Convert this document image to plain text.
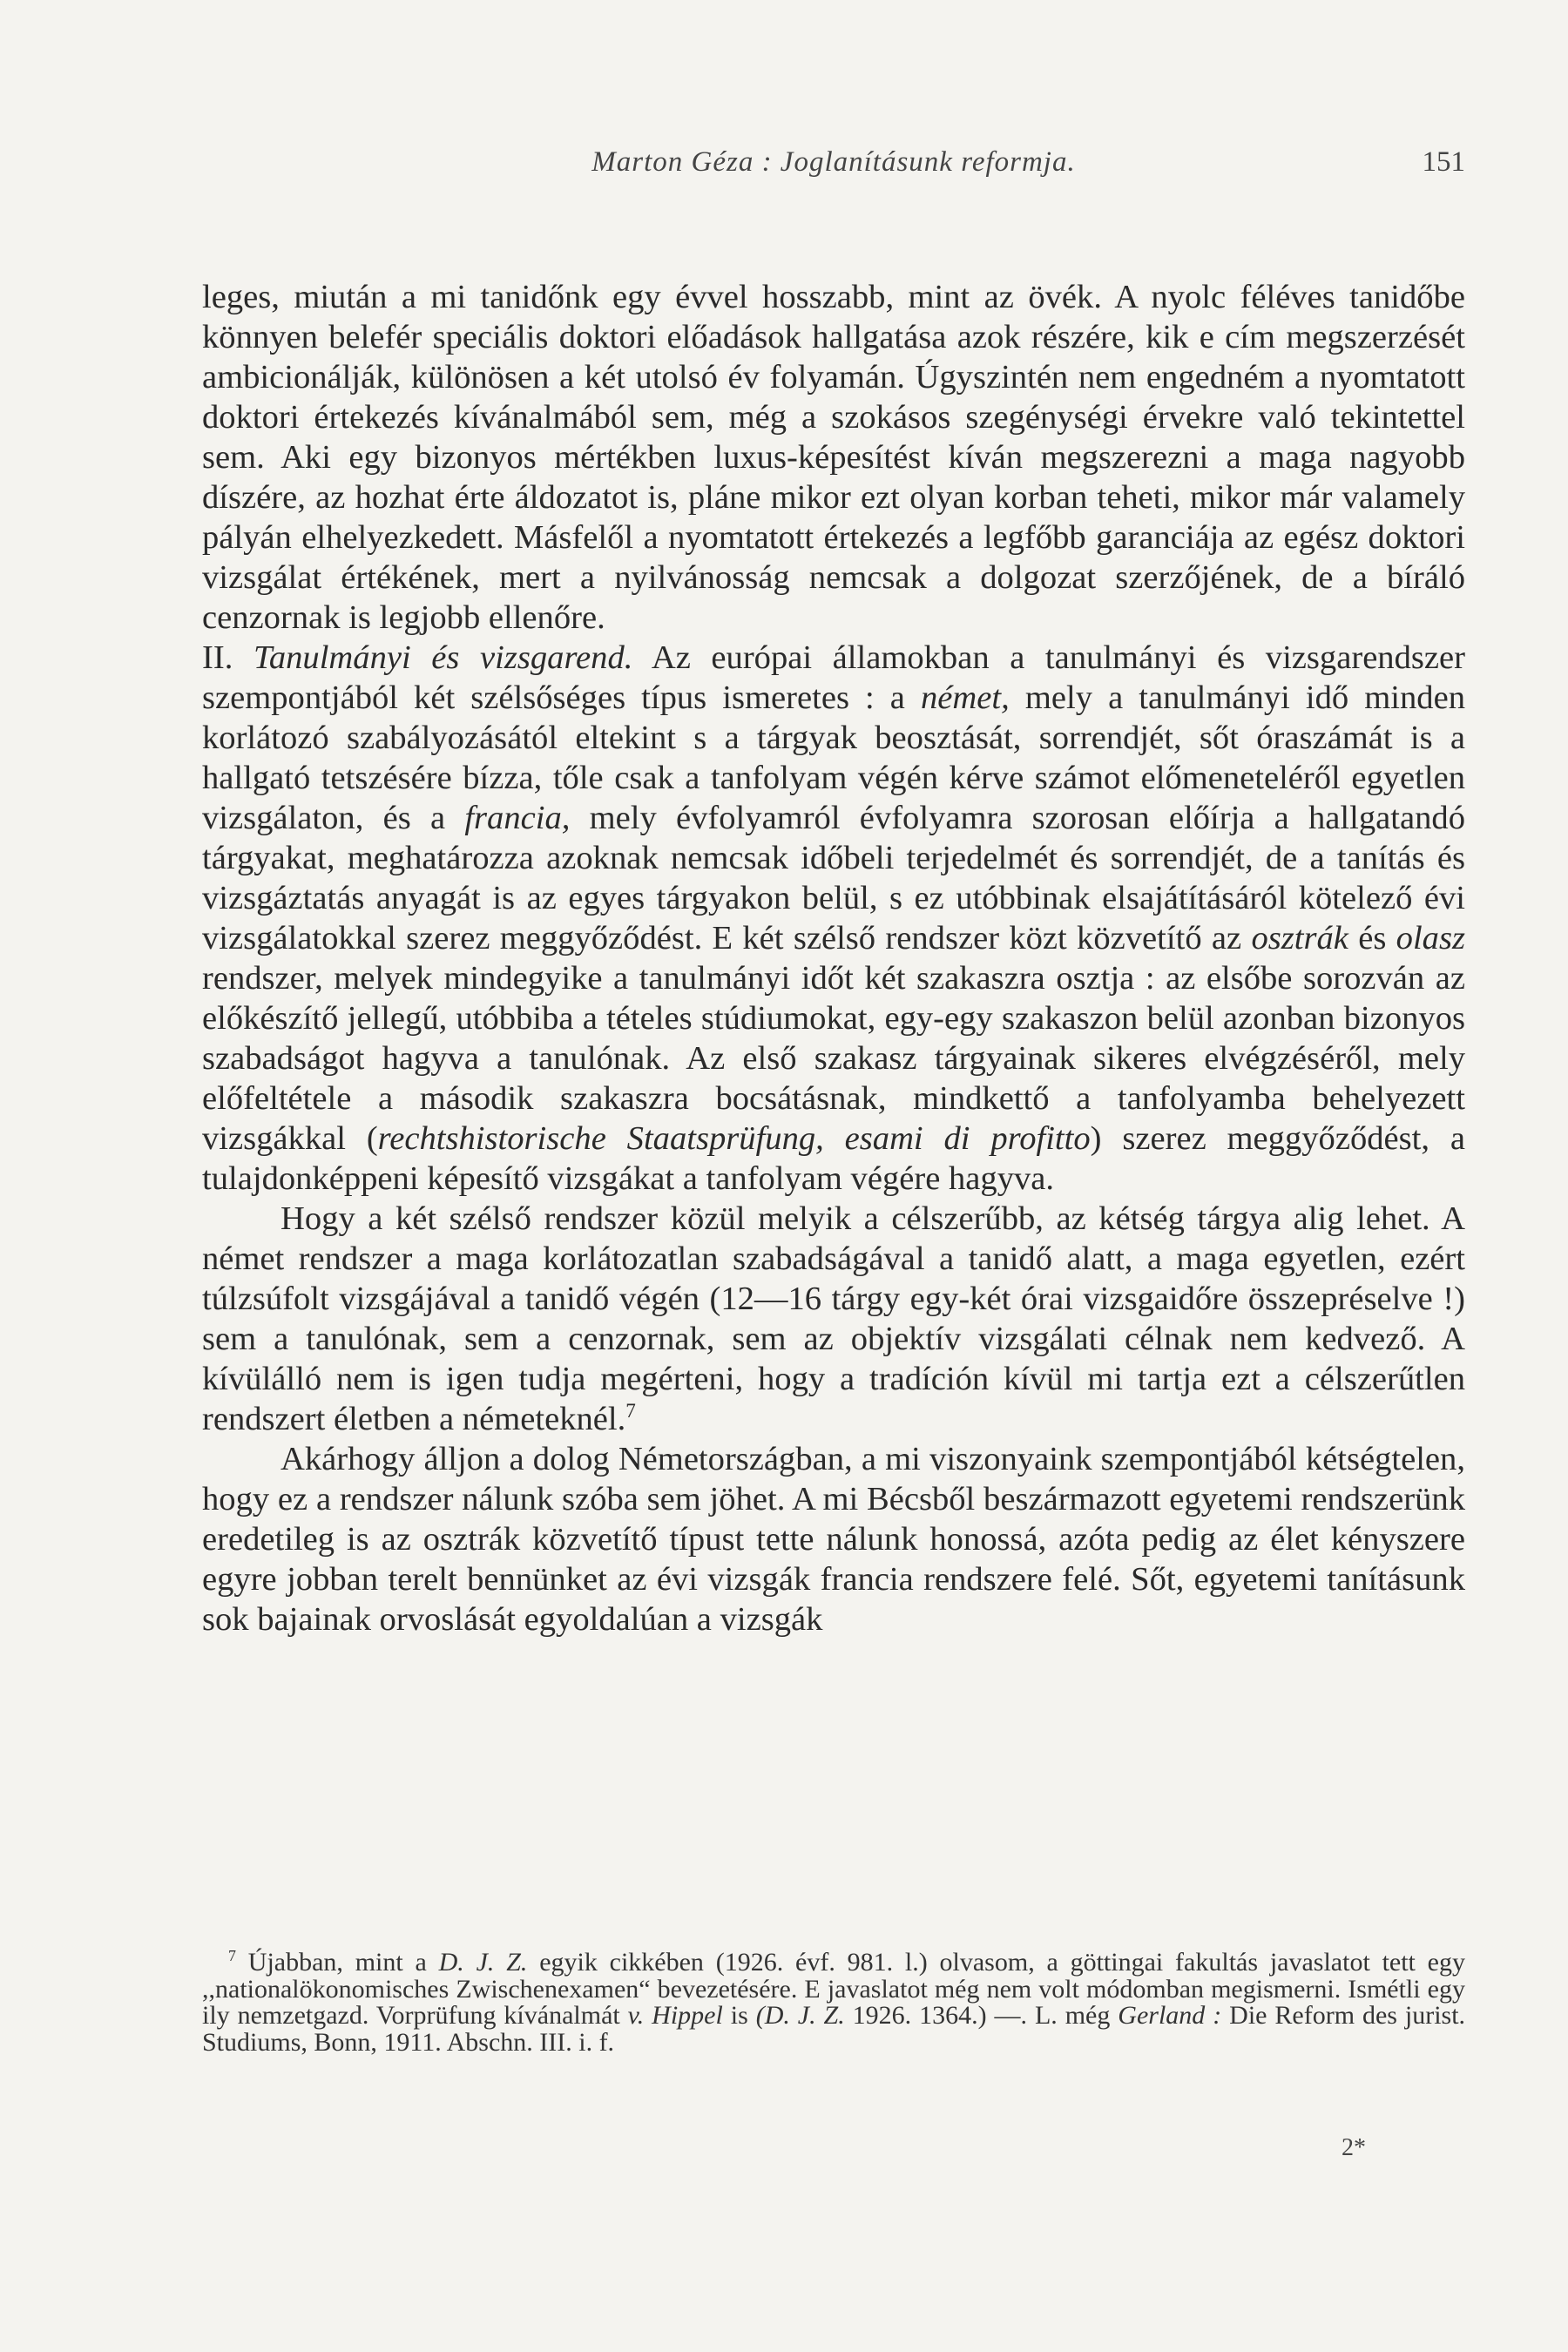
Marton Géza : Joglanításunk reformja.	151

leges, miután a mi tanidőnk egy évvel hosszabb, mint az övék. A nyolc féléves tanidőbe könnyen belefér speciális doktori előadások hallgatása azok részére, kik e cím megszerzését ambicionálják, különösen a két utolsó év folyamán. Úgyszintén nem engedném a nyomtatott doktori értekezés kívánalmából sem, még a szokásos szegénységi érvekre való tekintettel sem. Aki egy bizonyos mértékben luxus-képesítést kíván megszerezni a maga nagyobb díszére, az hozhat érte áldozatot is, pláne mikor ezt olyan korban teheti, mikor már valamely pályán elhelyezkedett. Másfelől a nyomtatott értekezés a legfőbb garanciája az egész doktori vizsgálat értékének, mert a nyilvánosság nemcsak a dolgozat szerzőjének, de a bíráló cenzornak is legjobb ellenőre.

II. Tanulmányi és vizsgarend. Az európai államokban a tanulmányi és vizsgarendszer szempontjából két szélsőséges típus ismeretes : a német, mely a tanulmányi idő minden korlátozó szabályozásától eltekint s a tárgyak beosztását, sorrendjét, sőt óraszámát is a hallgató tetszésére bízza, tőle csak a tanfolyam végén kérve számot előmeneteléről egyetlen vizsgálaton, és a francia, mely évfolyamról évfolyamra szorosan előírja a hallgatandó tárgyakat, meghatározza azoknak nemcsak időbeli terjedelmét és sorrendjét, de a tanítás és vizsgáztatás anyagát is az egyes tárgyakon belül, s ez utóbbinak elsajátításáról kötelező évi vizsgálatokkal szerez meggyőződést. E két szélső rendszer közt közvetítő az osztrák és olasz rendszer, melyek mindegyike a tanulmányi időt két szakaszra osztja : az elsőbe sorozván az előkészítő jellegű, utóbbiba a tételes stúdiumokat, egy-egy szakaszon belül azonban bizonyos szabadságot hagyva a tanulónak. Az első szakasz tárgyainak sikeres elvégzéséről, mely előfeltétele a második szakaszra bocsátásnak, mindkettő a tanfolyamba behelyezett vizsgákkal (rechtshistorische Staatsprüfung, esami di profitto) szerez meggyőződést, a tulajdonképpeni képesítő vizsgákat a tanfolyam végére hagyva.

Hogy a két szélső rendszer közül melyik a célszerűbb, az kétség tárgya alig lehet. A német rendszer a maga korlátozatlan szabadságával a tanidő alatt, a maga egyetlen, ezért túlzsúfolt vizsgájával a tanidő végén (12—16 tárgy egy-két órai vizsgaidőre összepréselve !) sem a tanulónak, sem a cenzornak, sem az objektív vizsgálati célnak nem kedvező. A kívülálló nem is igen tudja megérteni, hogy a tradíción kívül mi tartja ezt a célszerűtlen rendszert életben a németeknél.$^7$

Akárhogy álljon a dolog Németországban, a mi viszonyaink szempontjából kétségtelen, hogy ez a rendszer nálunk szóba sem jöhet. A mi Bécsből beszármazott egyetemi rendszerünk eredetileg is az osztrák közvetítő típust tette nálunk honossá, azóta pedig az élet kényszere egyre jobban terelt bennünket az évi vizsgák francia rendszere felé. Sőt, egyetemi tanításunk sok bajainak orvoslását egyoldalúan a vizsgák

$^7$ Újabban, mint a D. J. Z. egyik cikkében (1926. évf. 981. l.) olvasom, a göttingai fakultás javaslatot tett egy ,,nationalökonomisches Zwischenexamen“ bevezetésére. E javaslatot még nem volt módomban megismerni. Ismétli egy ily nemzetgazd. Vorprüfung kívánalmát v. Hippel is (D. J. Z. 1926. 1364.) —. L. még Gerland : Die Reform des jurist. Studiums, Bonn, 1911. Abschn. III. i. f.

2*
